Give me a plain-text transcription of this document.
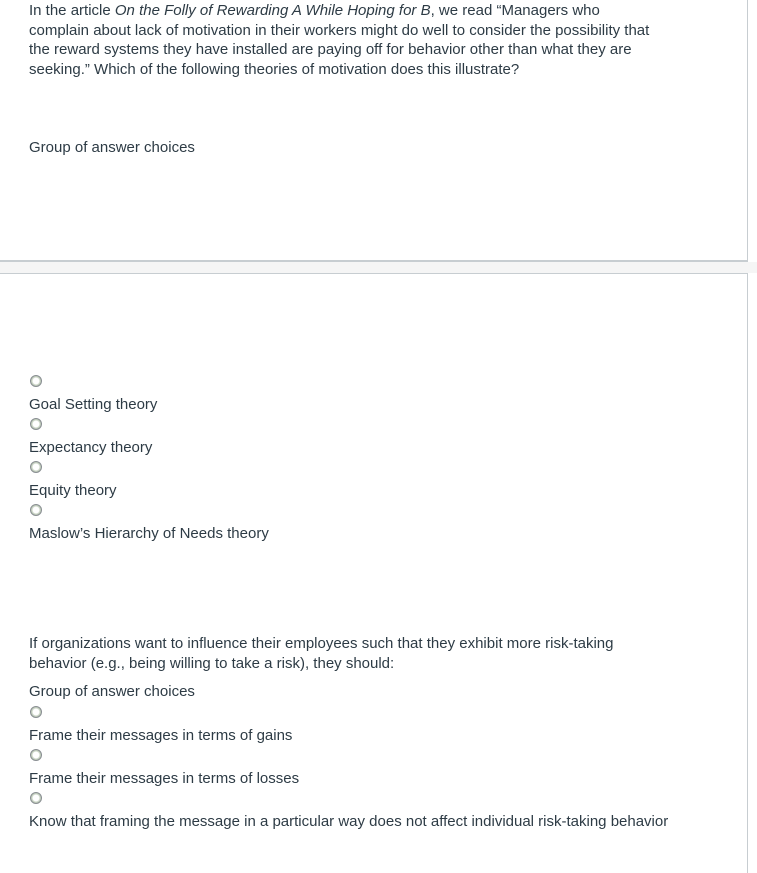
In the article On the Folly of Rewarding A While Hoping for B, we read “Managers who complain about lack of motivation in their workers might do well to consider the possibility that the reward systems they have installed are paying off for behavior other than what they are seeking.” Which of the following theories of motivation does this illustrate?
Group of answer choices
Goal Setting theory
Expectancy theory
Equity theory
Maslow’s Hierarchy of Needs theory
If organizations want to influence their employees such that they exhibit more risk-taking behavior (e.g., being willing to take a risk), they should:
Group of answer choices
Frame their messages in terms of gains
Frame their messages in terms of losses
Know that framing the message in a particular way does not affect individual risk-taking behavior
